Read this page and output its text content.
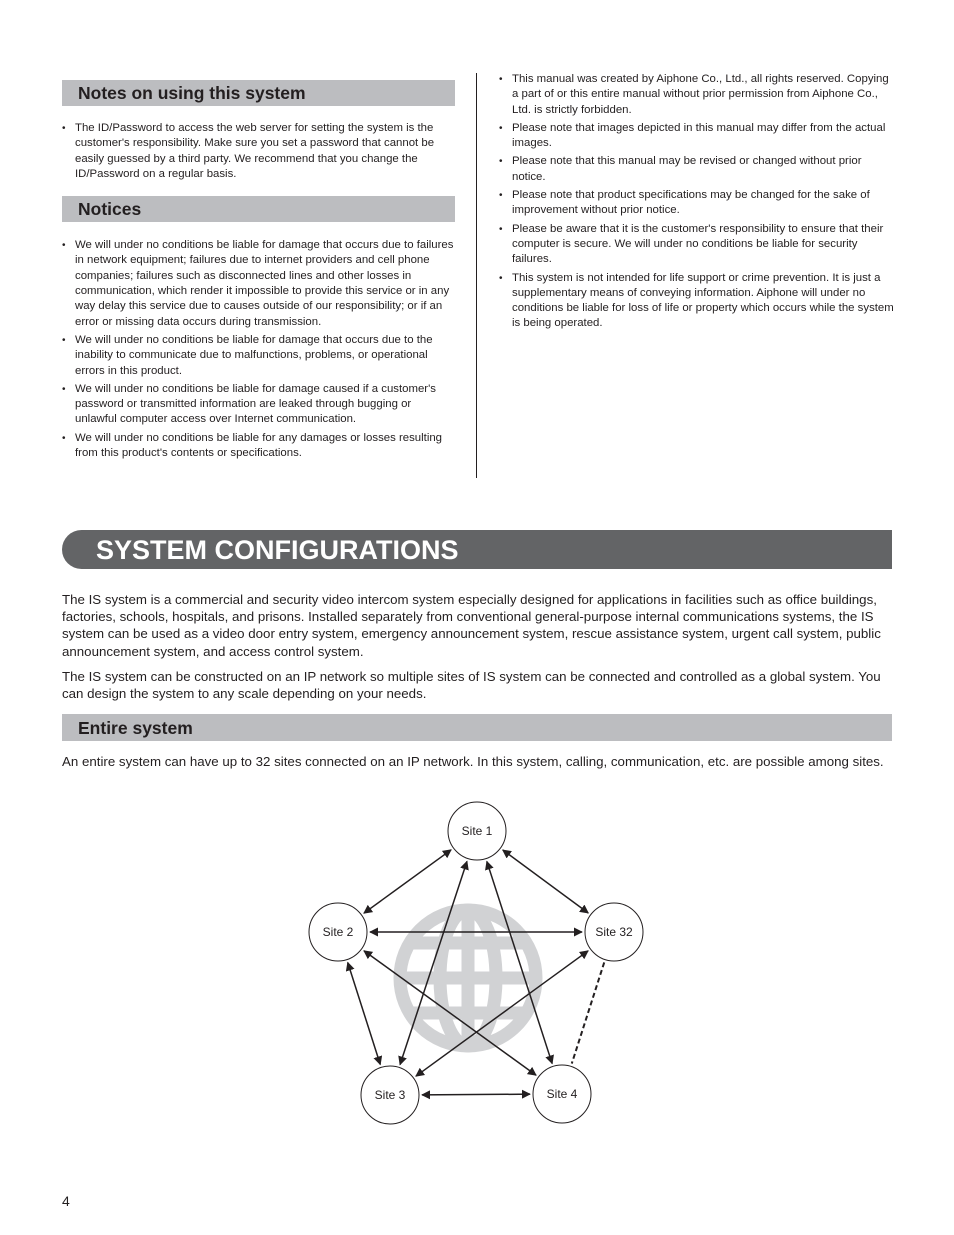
Notes on using this system
• The ID/Password to access the web server for setting the system is the customer's responsibility. Make sure you set a password that cannot be easily guessed by a third party. We recommend that you change the ID/Password on a regular basis.
Notices
• We will under no conditions be liable for damage that occurs due to failures in network equipment; failures due to internet providers and cell phone companies; failures such as disconnected lines and other losses in communication, which render it impossible to provide this service or in any way delay this service due to causes outside of our responsibility; or if an error or missing data occurs during transmission.
• We will under no conditions be liable for damage that occurs due to the inability to communicate due to malfunctions, problems, or operational errors in this product.
• We will under no conditions be liable for damage caused if a customer's password or transmitted information are leaked through bugging or unlawful computer access over Internet communication.
• We will under no conditions be liable for any damages or losses resulting from this product's contents or specifications.
• This manual was created by Aiphone Co., Ltd., all rights reserved. Copying a part of or this entire manual without prior permission from Aiphone Co., Ltd. is strictly forbidden.
• Please note that images depicted in this manual may differ from the actual images.
• Please note that this manual may be revised or changed without prior notice.
• Please note that product specifications may be changed for the sake of improvement without prior notice.
• Please be aware that it is the customer's responsibility to ensure that their computer is secure. We will under no conditions be liable for security failures.
• This system is not intended for life support or crime prevention. It is just a supplementary means of conveying information. Aiphone will under no conditions be liable for loss of life or property which occurs while the system is being operated.
SYSTEM CONFIGURATIONS

The IS system is a commercial and security video intercom system especially designed for applications in facilities such as office buildings, factories, schools, hospitals, and prisons. Installed separately from conventional general-purpose internal communications systems, the IS system can be used as a video door entry system, emergency announcement system, rescue assistance system, urgent call system, public announcement system, and access control system.

The IS system can be constructed on an IP network so multiple sites of IS system can be connected and controlled as a global system. You can design the system to any scale depending on your needs.

Entire system

An entire system can have up to 32 sites connected on an IP network. In this system, calling, communication, etc. are possible among sites.

Site 1
Site 2	Site 32
Site 3	Site 4
4
